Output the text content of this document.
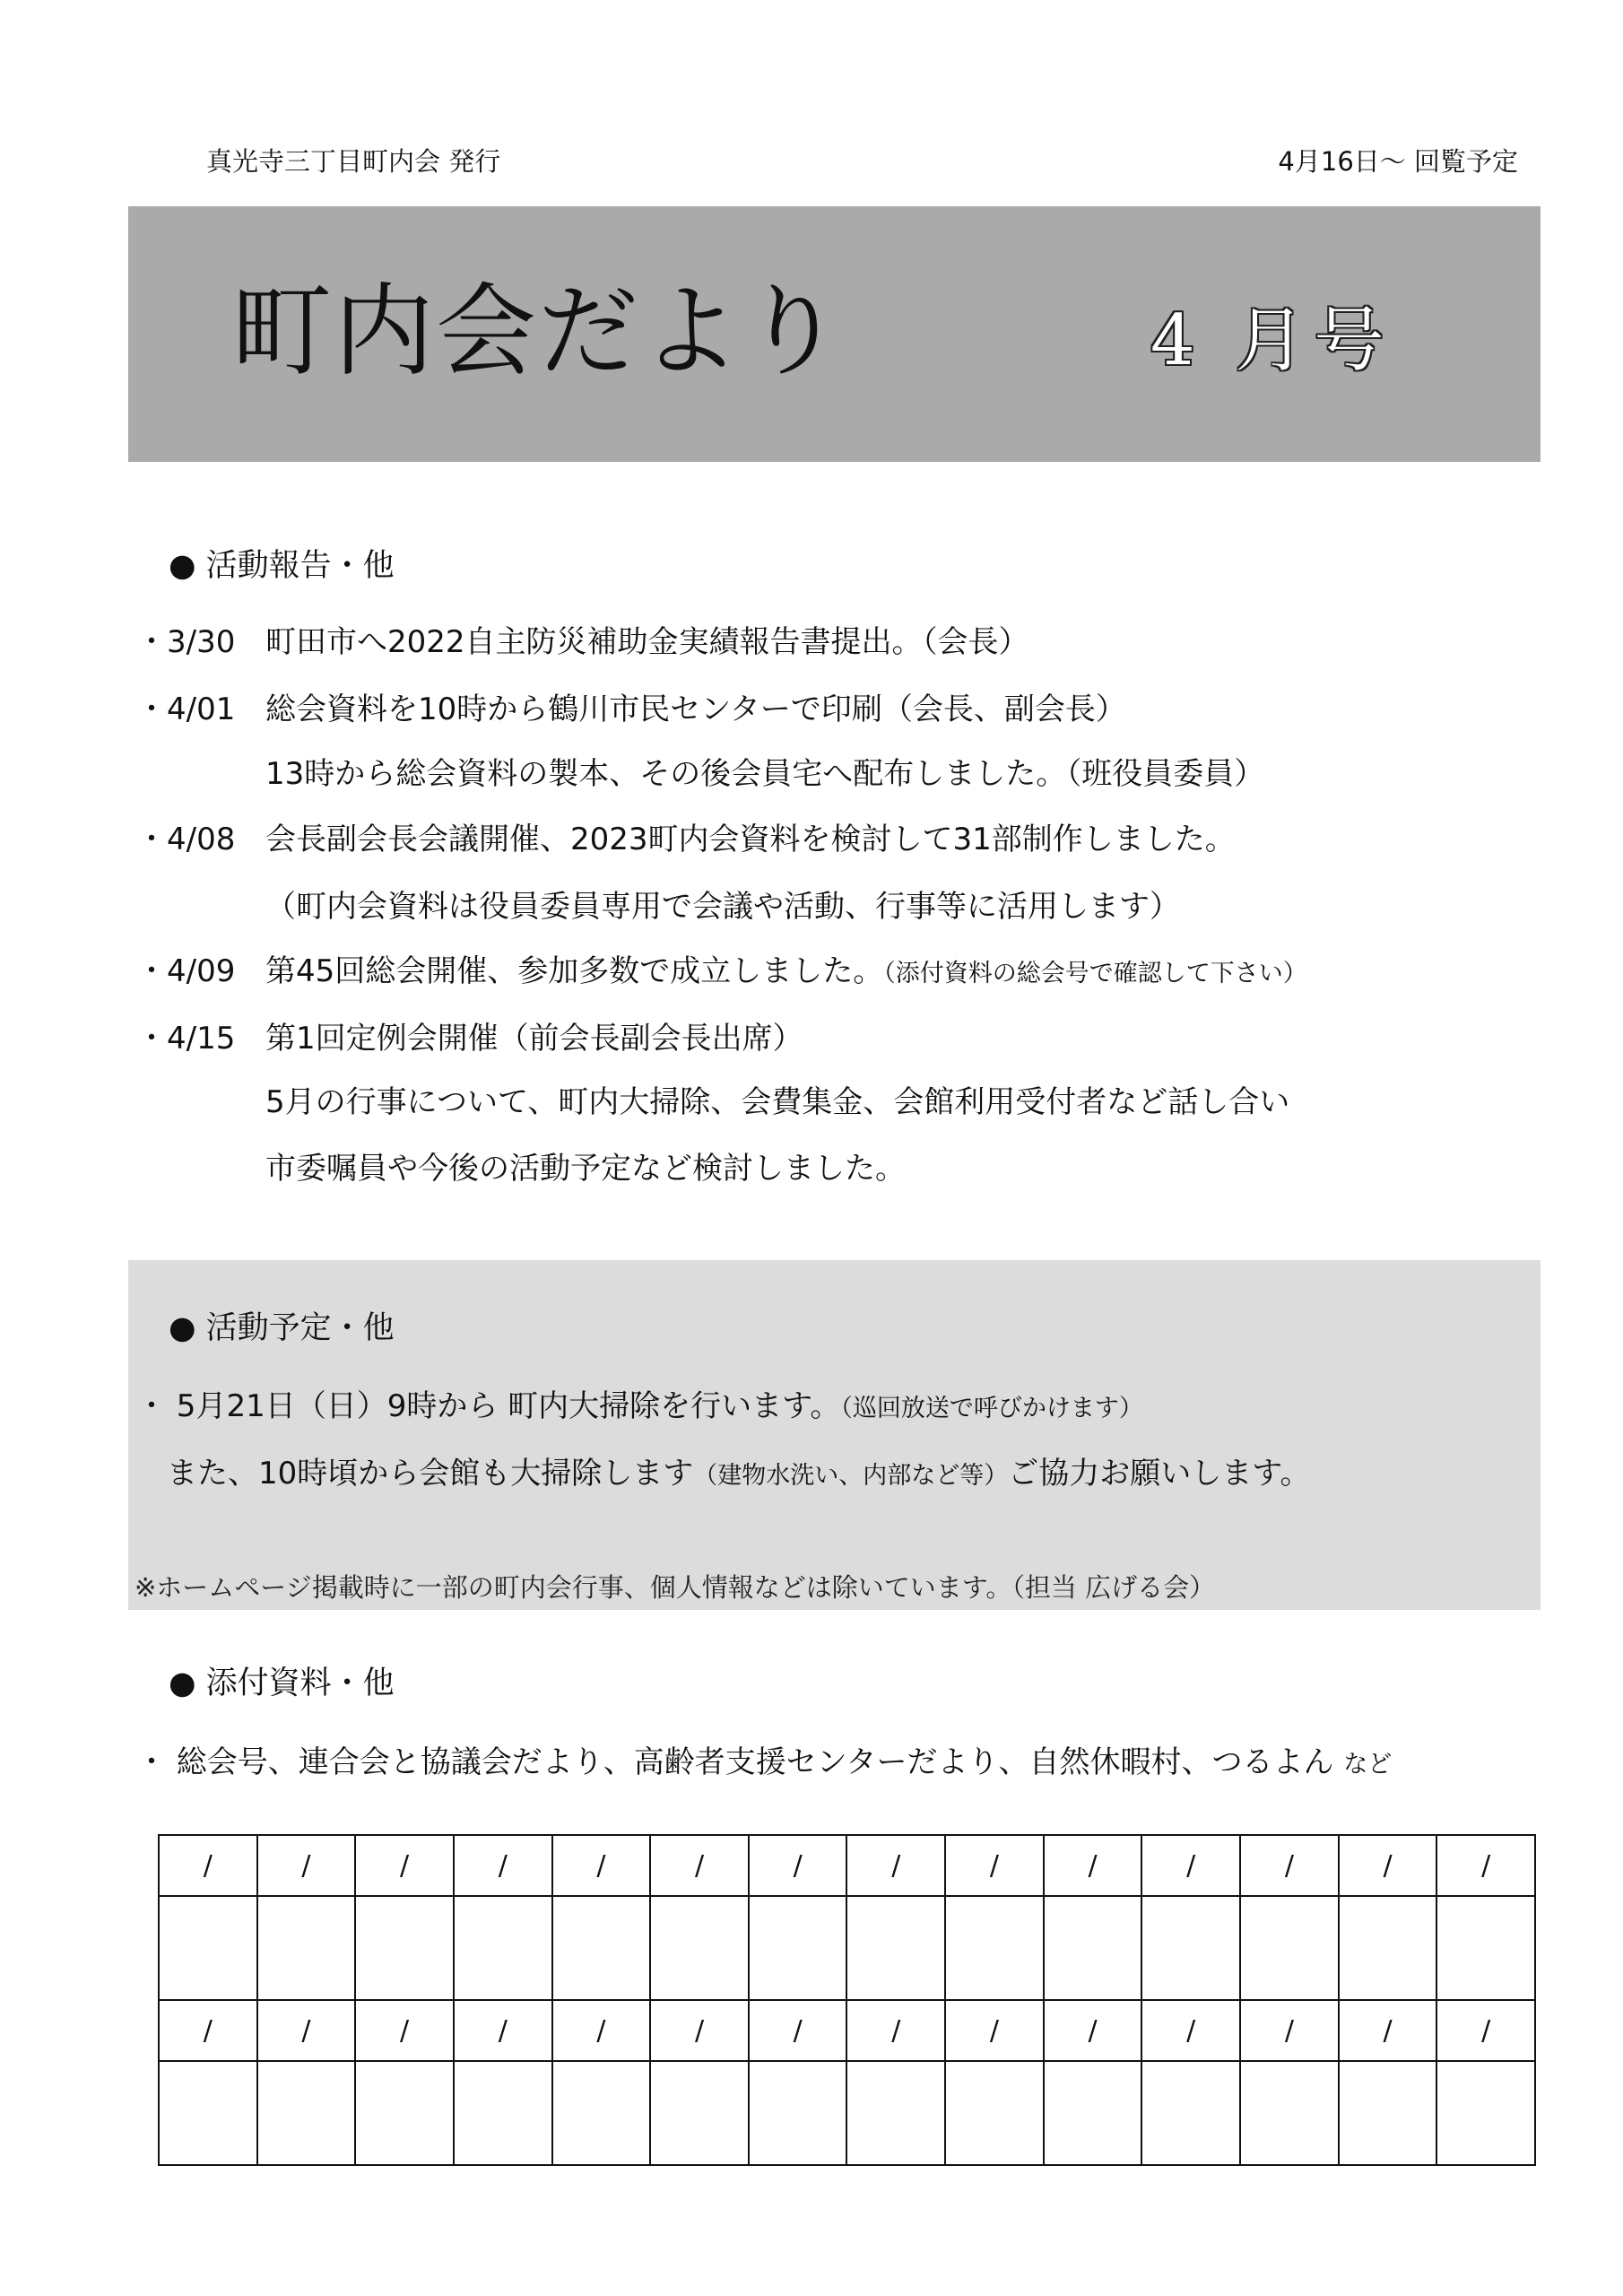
真光寺三丁目町内会 発行	4月16日～ 回覧予定
町内会だより	4 月号
● 活動報告・他
・ 3/30 町田市へ2022自主防災補助金実績報告書提出。（会長）
・ 4/01 総会資料を10時から鶴川市民センターで印刷（会長、副会長）
13時から総会資料の製本、その後会員宅へ配布しました。（班役員委員）
・ 4/08 会長副会長会議開催、2023町内会資料を検討して31部制作しました。
（町内会資料は役員委員専用で会議や活動、行事等に活用します）
・ 4/09 第45回総会開催、参加多数で成立しました。（添付資料の総会号で確認して下さい）
・ 4/15 第1回定例会開催（前会長副会長出席）
5月の行事について、町内大掃除、会費集金、会館利用受付者など話し合い
市委嘱員や今後の活動予定など検討しました。
● 活動予定・他
・ 5月21日（日）9時から 町内大掃除を行います。（巡回放送で呼びかけます）
また、10時頃から会館も大掃除します（建物水洗い、内部など等）ご協力お願いします。
※ホームページ掲載時に一部の町内会行事、個人情報などは除いています。（担当 広げる会）
● 添付資料・他
・ 総会号、連合会と協議会だより、高齢者支援センターだより、自然休暇村、つるよん など
/	/	/	/	/	/	/	/	/	/	/	/	/	/

/	/	/	/	/	/	/	/	/	/	/	/	/	/
